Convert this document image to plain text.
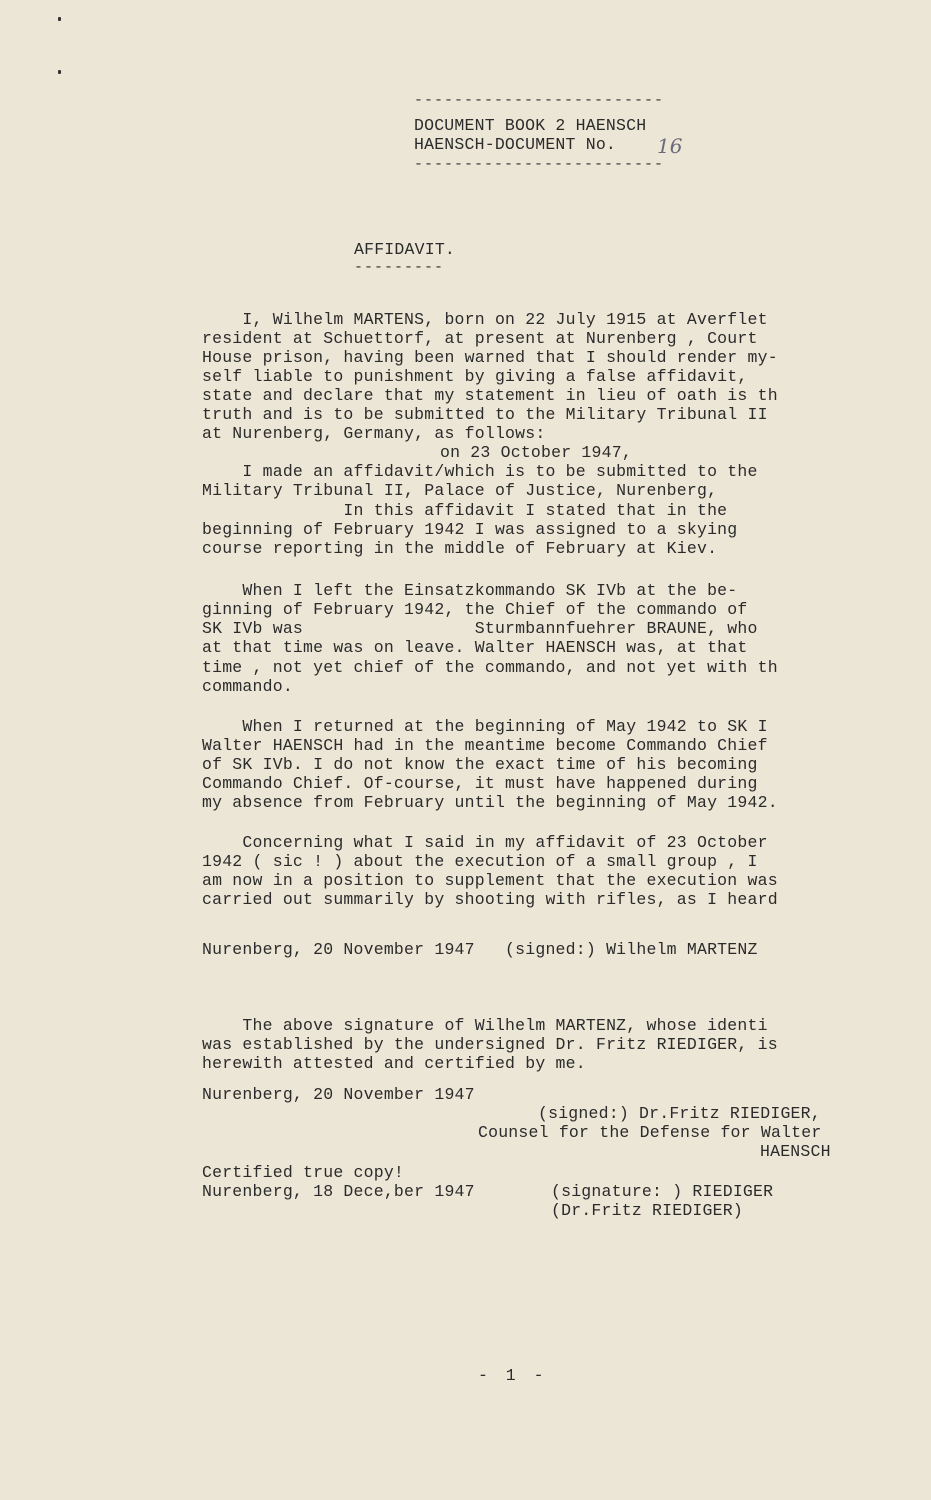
-------------------------
DOCUMENT BOOK 2 HAENSCH
HAENSCH-DOCUMENT No. 16
-------------------------
AFFIDAVIT.
---------
I, Wilhelm MARTENS, born on 22 July 1915 at Averflet
resident at Schuettorf, at present at Nurenberg , Court
House prison, having been warned that I should render my-
self liable to punishment by giving a false affidavit,
state and declare that my statement in lieu of oath is th
truth and is to be submitted to the Military Tribunal II
at Nurenberg, Germany, as follows:
on 23 October 1947,
I made an affidavit/which is to be submitted to the
Military Tribunal II, Palace of Justice, Nurenberg,
In this affidavit I stated that in the
beginning of February 1942 I was assigned to a skying
course reporting in the middle of February at Kiev.
When I left the Einsatzkommando SK IVb at the be-
ginning of February 1942, the Chief of the commando of
SK IVb was                 Sturmbannfuehrer BRAUNE, who
at that time was on leave. Walter HAENSCH was, at that
time , not yet chief of the commando, and not yet with th
commando.
When I returned at the beginning of May 1942 to SK I
Walter HAENSCH had in the meantime become Commando Chief
of SK IVb. I do not know the exact time of his becoming
Commando Chief. Of-course, it must have happened during
my absence from February until the beginning of May 1942.
Concerning what I said in my affidavit of 23 October
1942 ( sic ! ) about the execution of a small group , I
am now in a position to supplement that the execution was
carried out summarily by shooting with rifles, as I heard
Nurenberg, 20 November 1947   (signed:) Wilhelm MARTENZ
The above signature of Wilhelm MARTENZ, whose identi
was established by the undersigned Dr. Fritz RIEDIGER, is
herewith attested and certified by me.
Nurenberg, 20 November 1947
(signed:) Dr.Fritz RIEDIGER,
Counsel for the Defense for Walter
HAENSCH
Certified true copy!
Nurenberg, 18 Dece,ber 1947	(signature: ) RIEDIGER
(Dr.Fritz RIEDIGER)
- 1 -
